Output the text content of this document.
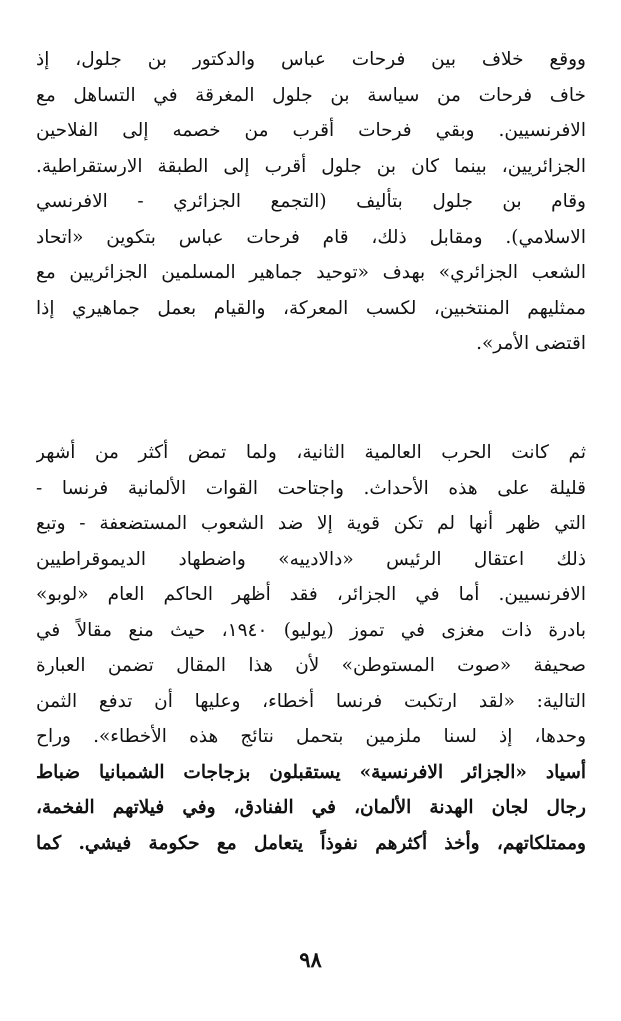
ووقع خلاف بين فرحات عباس والدكتور بن جلول، إذ
خاف فرحات من سياسة بن جلول المغرقة في التساهل مع
الافرنسيين. وبقي فرحات أقرب من خصمه إلى الفلاحين
الجزائريين، بينما كان بن جلول أقرب إلى الطبقة الارستقراطية.
وقام بن جلول بتأليف (التجمع الجزائري - الافرنسي
الاسلامي). ومقابل ذلك، قام فرحات عباس بتكوين «اتحاد
الشعب الجزائري» بهدف «توحيد جماهير المسلمين الجزائريين مع
ممثليهم المنتخبين، لكسب المعركة، والقيام بعمل جماهيري إذا
اقتضى الأمر».
ثم كانت الحرب العالمية الثانية، ولما تمض أكثر من أشهر
قليلة على هذه الأحداث. واجتاحت القوات الألمانية فرنسا -
التي ظهر أنها لم تكن قوية إلا ضد الشعوب المستضعفة - وتبع
ذلك اعتقال الرئيس «دالادييه» واضطهاد الديموقراطيين
الافرنسيين. أما في الجزائر، فقد أظهر الحاكم العام «لوبو»
بادرة ذات مغزى في تموز (يوليو) ١٩٤٠، حيث منع مقالاً في
صحيفة «صوت المستوطن» لأن هذا المقال تضمن العبارة
التالية: «لقد ارتكبت فرنسا أخطاء، وعليها أن تدفع الثمن
وحدها، إذ لسنا ملزمين بتحمل نتائج هذه الأخطاء». وراح
أسياد «الجزائر الافرنسية» يستقبلون بزجاجات الشمبانيا ضباط
رجال لجان الهدنة الألمان، في الفنادق، وفي فيلاتهم الفخمة،
وممتلكاتهم، وأخذ أكثرهم نفوذاً يتعامل مع حكومة فيشي. كما
٩٨
